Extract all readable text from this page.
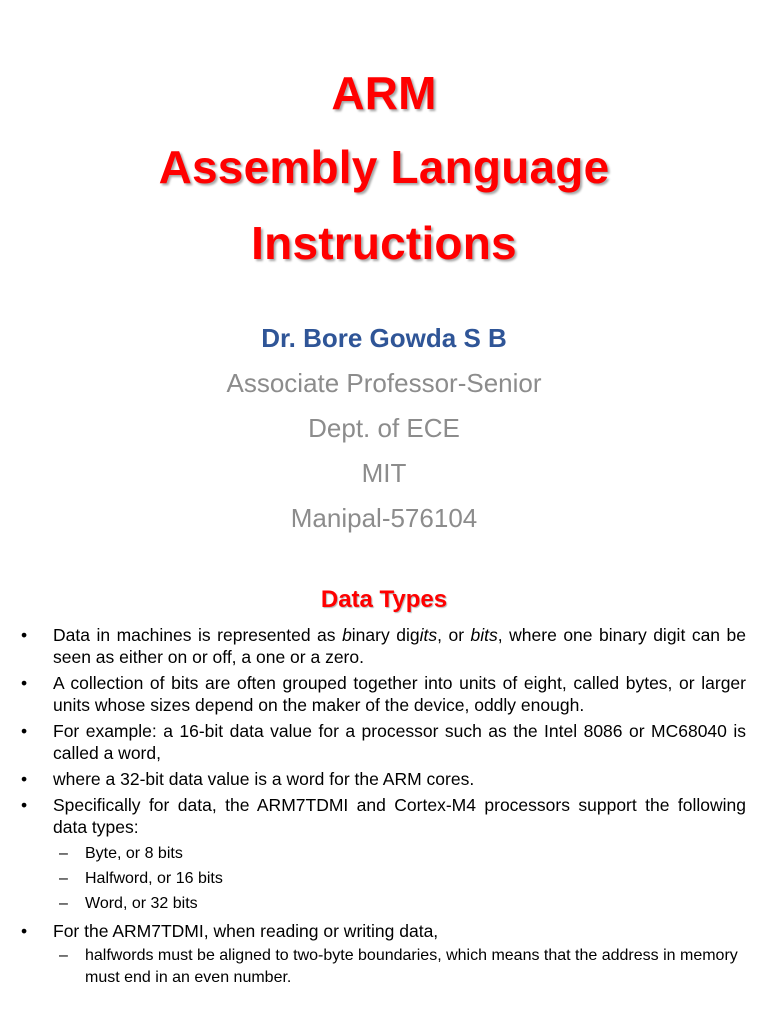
ARM
Assembly Language
Instructions
Dr. Bore Gowda S B
Associate Professor-Senior
Dept. of ECE
MIT
Manipal-576104
Data Types
• Data in machines is represented as binary digits, or bits, where one binary digit can be seen as either on or off, a one or a zero.
• A collection of bits are often grouped together into units of eight, called bytes, or larger units whose sizes depend on the maker of the device, oddly enough.
• For example: a 16-bit data value for a processor such as the Intel 8086 or MC68040 is called a word,
• where a 32-bit data value is a word for the ARM cores.
• Specifically for data, the ARM7TDMI and Cortex-M4 processors support the following data types:
– Byte, or 8 bits
– Halfword, or 16 bits
– Word, or 32 bits
• For the ARM7TDMI, when reading or writing data,
– halfwords must be aligned to two-byte boundaries, which means that the address in memory must end in an even number.
